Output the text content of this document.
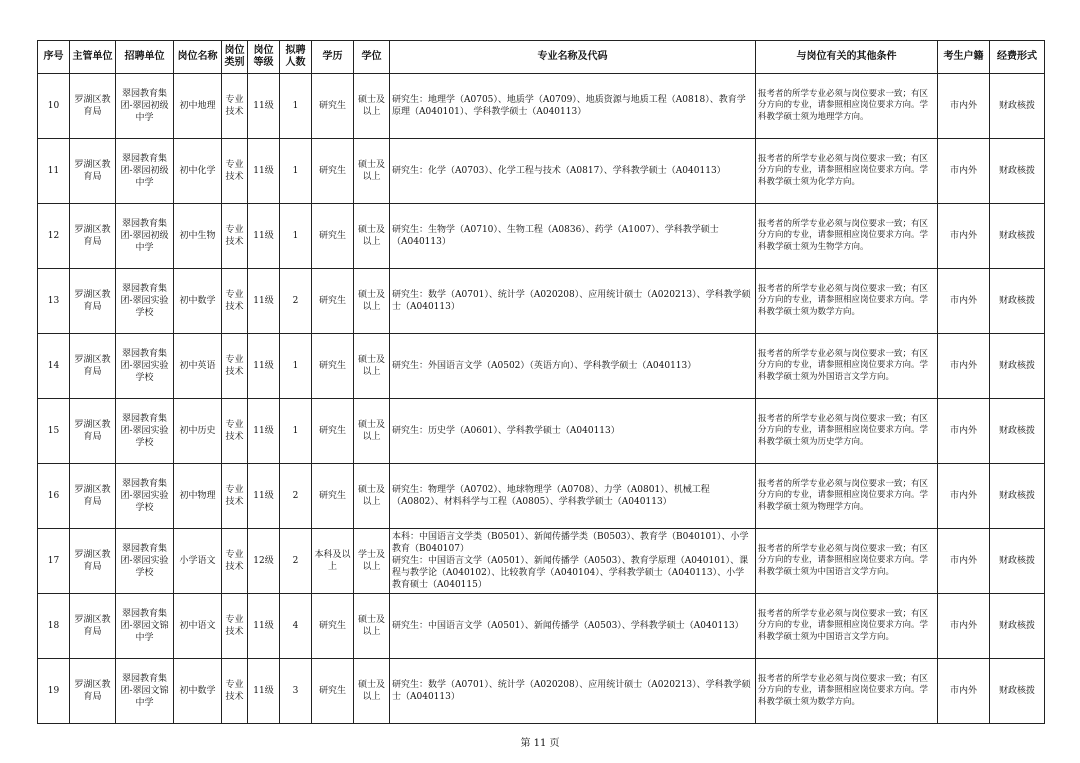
序号	主管单位	招聘单位	岗位名称	岗位类别	岗位等级	拟聘人数	学历	学位	专业名称及代码	与岗位有关的其他条件	考生户籍	经费形式
10	罗湖区教育局	翠园教育集团-翠园初级中学	初中地理	专业技术	11级	1	研究生	硕士及以上	研究生：地理学（A0705）、地质学（A0709）、地质资源与地质工程（A0818）、教育学原理（A040101）、学科教学硕士（A040113）	报考者的所学专业必须与岗位要求一致；有区分方向的专业，请参照相应岗位要求方向。学科教学硕士须为地理学方向。	市内外	财政核拨
11	罗湖区教育局	翠园教育集团-翠园初级中学	初中化学	专业技术	11级	1	研究生	硕士及以上	研究生：化学（A0703）、化学工程与技术（A0817）、学科教学硕士（A040113）	报考者的所学专业必须与岗位要求一致；有区分方向的专业，请参照相应岗位要求方向。学科教学硕士须为化学方向。	市内外	财政核拨
12	罗湖区教育局	翠园教育集团-翠园初级中学	初中生物	专业技术	11级	1	研究生	硕士及以上	研究生：生物学（A0710）、生物工程（A0836）、药学（A1007）、学科教学硕士（A040113）	报考者的所学专业必须与岗位要求一致；有区分方向的专业，请参照相应岗位要求方向。学科教学硕士须为生物学方向。	市内外	财政核拨
13	罗湖区教育局	翠园教育集团-翠园实验学校	初中数学	专业技术	11级	2	研究生	硕士及以上	研究生：数学（A0701）、统计学（A020208）、应用统计硕士（A020213）、学科教学硕士（A040113）	报考者的所学专业必须与岗位要求一致；有区分方向的专业，请参照相应岗位要求方向。学科教学硕士须为数学方向。	市内外	财政核拨
14	罗湖区教育局	翠园教育集团-翠园实验学校	初中英语	专业技术	11级	1	研究生	硕士及以上	研究生：外国语言文学（A0502）（英语方向）、学科教学硕士（A040113）	报考者的所学专业必须与岗位要求一致；有区分方向的专业，请参照相应岗位要求方向。学科教学硕士须为外国语言文学方向。	市内外	财政核拨
15	罗湖区教育局	翠园教育集团-翠园实验学校	初中历史	专业技术	11级	1	研究生	硕士及以上	研究生：历史学（A0601）、学科教学硕士（A040113）	报考者的所学专业必须与岗位要求一致；有区分方向的专业，请参照相应岗位要求方向。学科教学硕士须为历史学方向。	市内外	财政核拨
16	罗湖区教育局	翠园教育集团-翠园实验学校	初中物理	专业技术	11级	2	研究生	硕士及以上	研究生：物理学（A0702）、地球物理学（A0708）、力学（A0801）、机械工程（A0802）、材料科学与工程（A0805）、学科教学硕士（A040113）	报考者的所学专业必须与岗位要求一致；有区分方向的专业，请参照相应岗位要求方向。学科教学硕士须为物理学方向。	市内外	财政核拨
17	罗湖区教育局	翠园教育集团-翠园实验学校	小学语文	专业技术	12级	2	本科及以上	学士及以上	本科：中国语言文学类（B0501）、新闻传播学类（B0503）、教育学（B040101）、小学教育（B040107）
研究生：中国语言文学（A0501）、新闻传播学（A0503）、教育学原理（A040101）、课程与教学论（A040102）、比较教育学（A040104）、学科教学硕士（A040113）、小学教育硕士（A040115）	报考者的所学专业必须与岗位要求一致；有区分方向的专业，请参照相应岗位要求方向。学科教学硕士须为中国语言文学方向。	市内外	财政核拨
18	罗湖区教育局	翠园教育集团-翠园文锦中学	初中语文	专业技术	11级	4	研究生	硕士及以上	研究生：中国语言文学（A0501）、新闻传播学（A0503）、学科教学硕士（A040113）	报考者的所学专业必须与岗位要求一致；有区分方向的专业，请参照相应岗位要求方向。学科教学硕士须为中国语言文学方向。	市内外	财政核拨
19	罗湖区教育局	翠园教育集团-翠园文锦中学	初中数学	专业技术	11级	3	研究生	硕士及以上	研究生：数学（A0701）、统计学（A020208）、应用统计硕士（A020213）、学科教学硕士（A040113）	报考者的所学专业必须与岗位要求一致；有区分方向的专业，请参照相应岗位要求方向。学科教学硕士须为数学方向。	市内外	财政核拨
第 11 页
